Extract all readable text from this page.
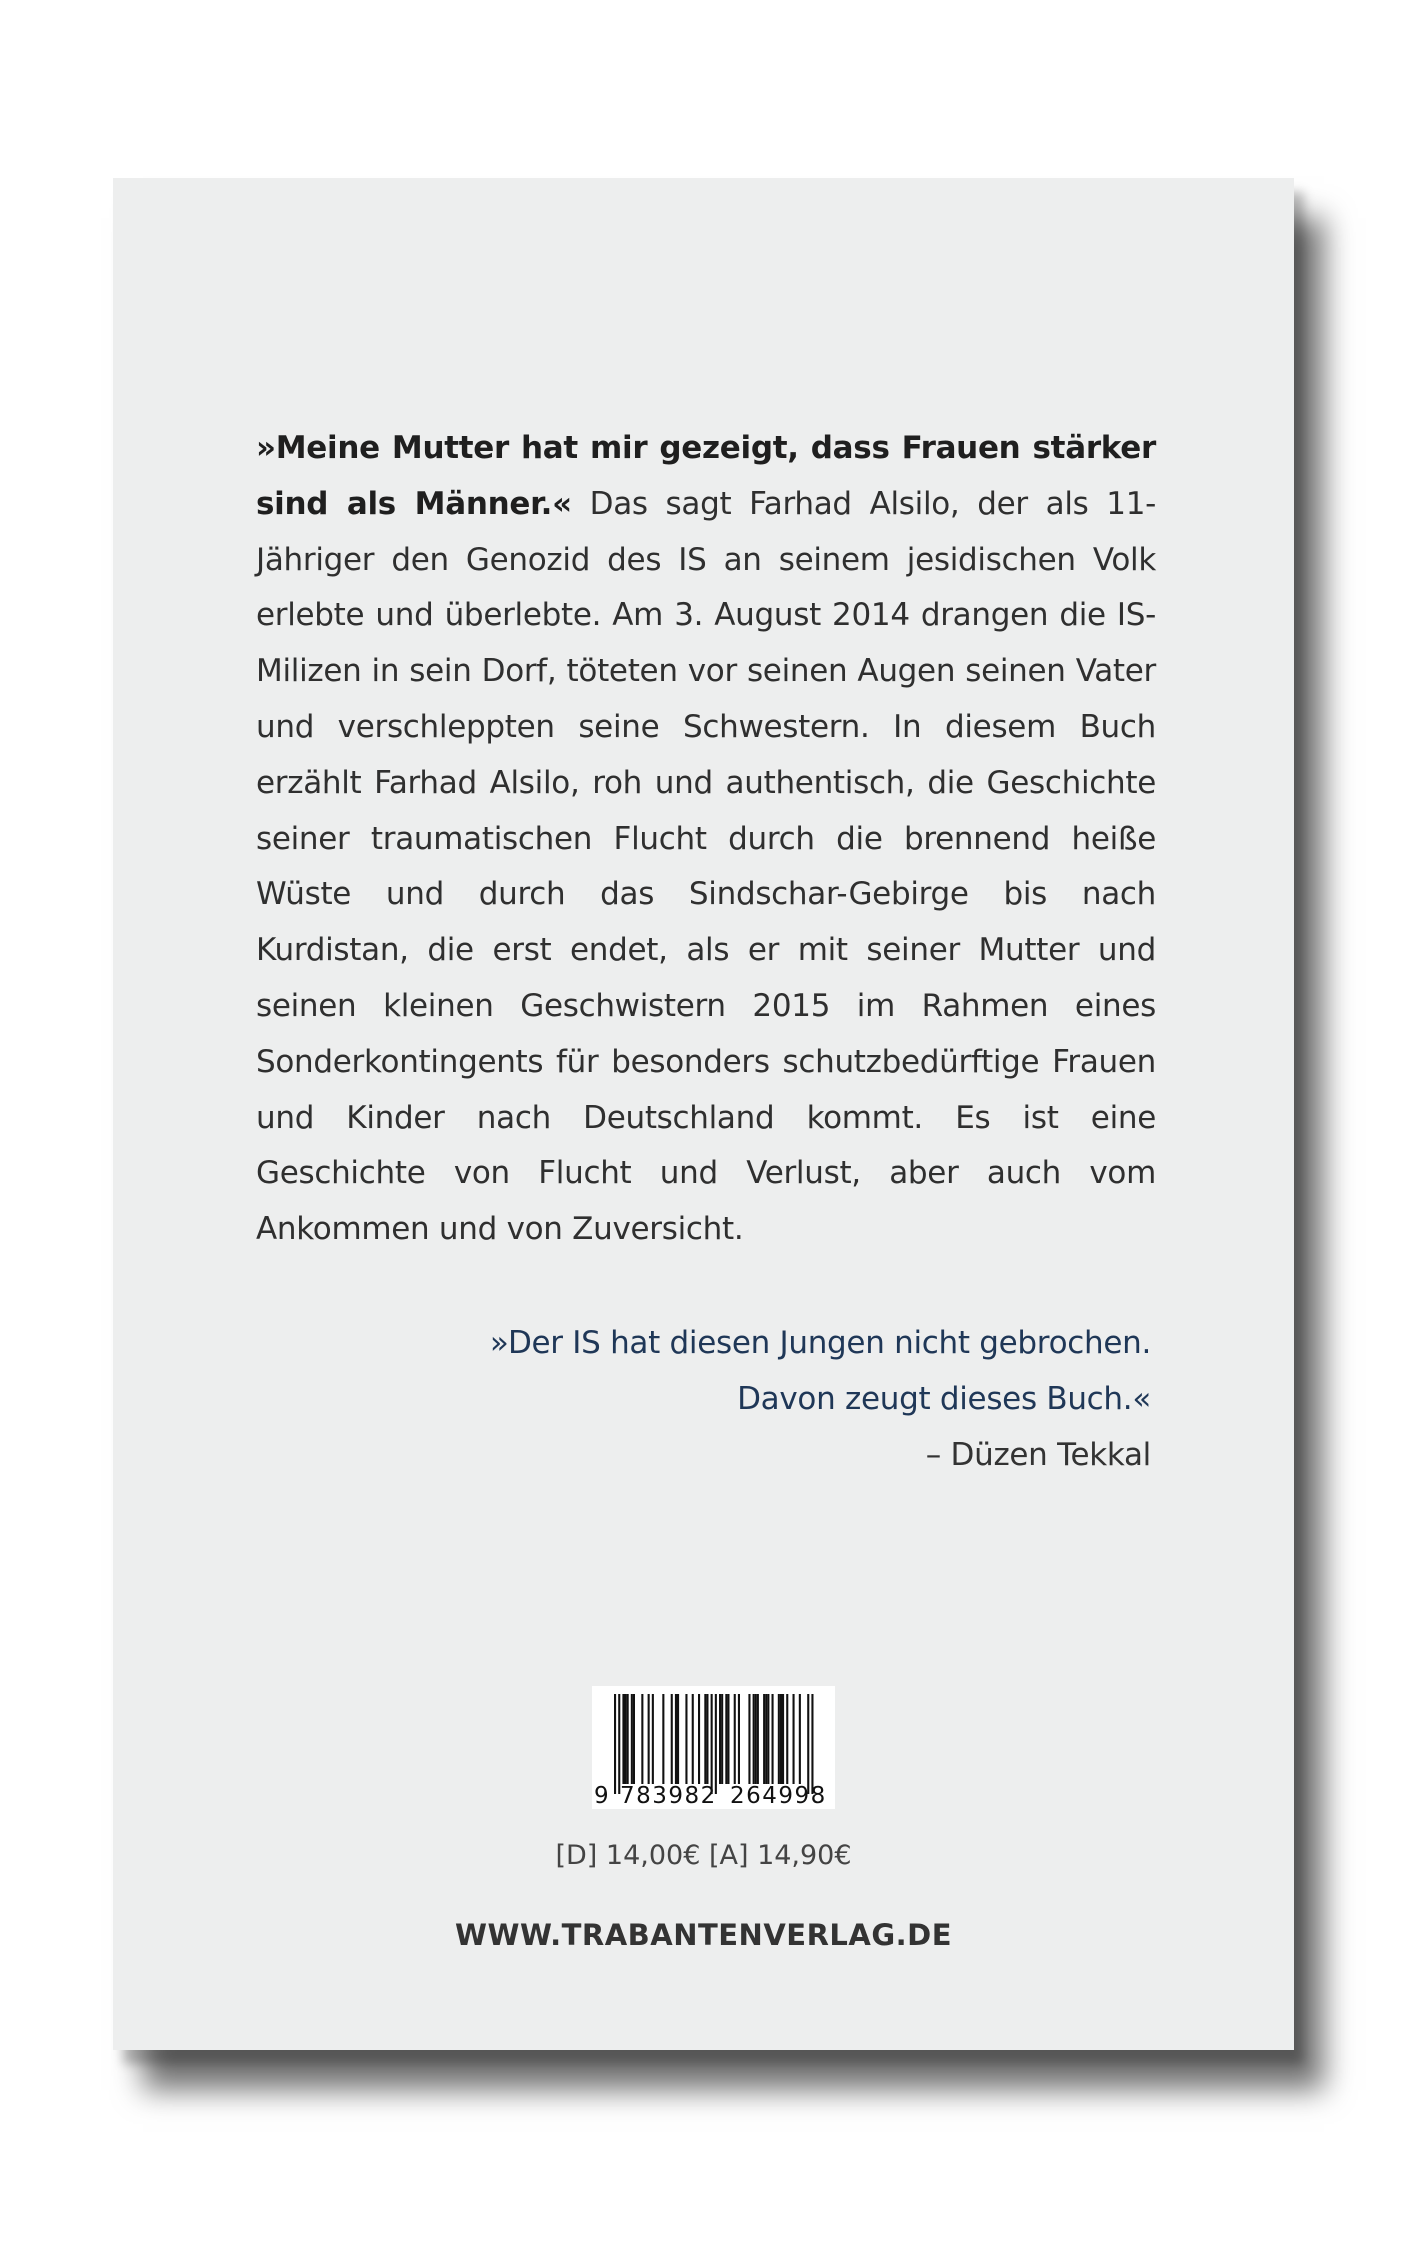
»Meine Mutter hat mir gezeigt, dass Frauen stärker sind als Männer.« Das sagt Farhad Alsilo, der als 11-Jähriger den Genozid des IS an seinem jesidischen Volk erlebte und überlebte. Am 3. August 2014 drangen die IS-Milizen in sein Dorf, töteten vor seinen Augen seinen Vater und verschleppten seine Schwestern. In diesem Buch erzählt Farhad Alsilo, roh und authentisch, die Geschichte seiner traumatischen Flucht durch die brennend heiße Wüste und durch das Sindschar-Gebirge bis nach Kurdistan, die erst endet, als er mit seiner Mutter und seinen kleinen Geschwistern 2015 im Rahmen eines Sonderkontingents für besonders schutzbedürftige Frauen und Kinder nach Deutschland kommt. Es ist eine Geschichte von Flucht und Verlust, aber auch vom Ankommen und von Zuversicht.

»Der IS hat diesen Jungen nicht gebrochen.
Davon zeugt dieses Buch.«
– Düzen Tekkal
9 783982 264998
[D] 14,00€ [A] 14,90€
WWW.TRABANTENVERLAG.DE
